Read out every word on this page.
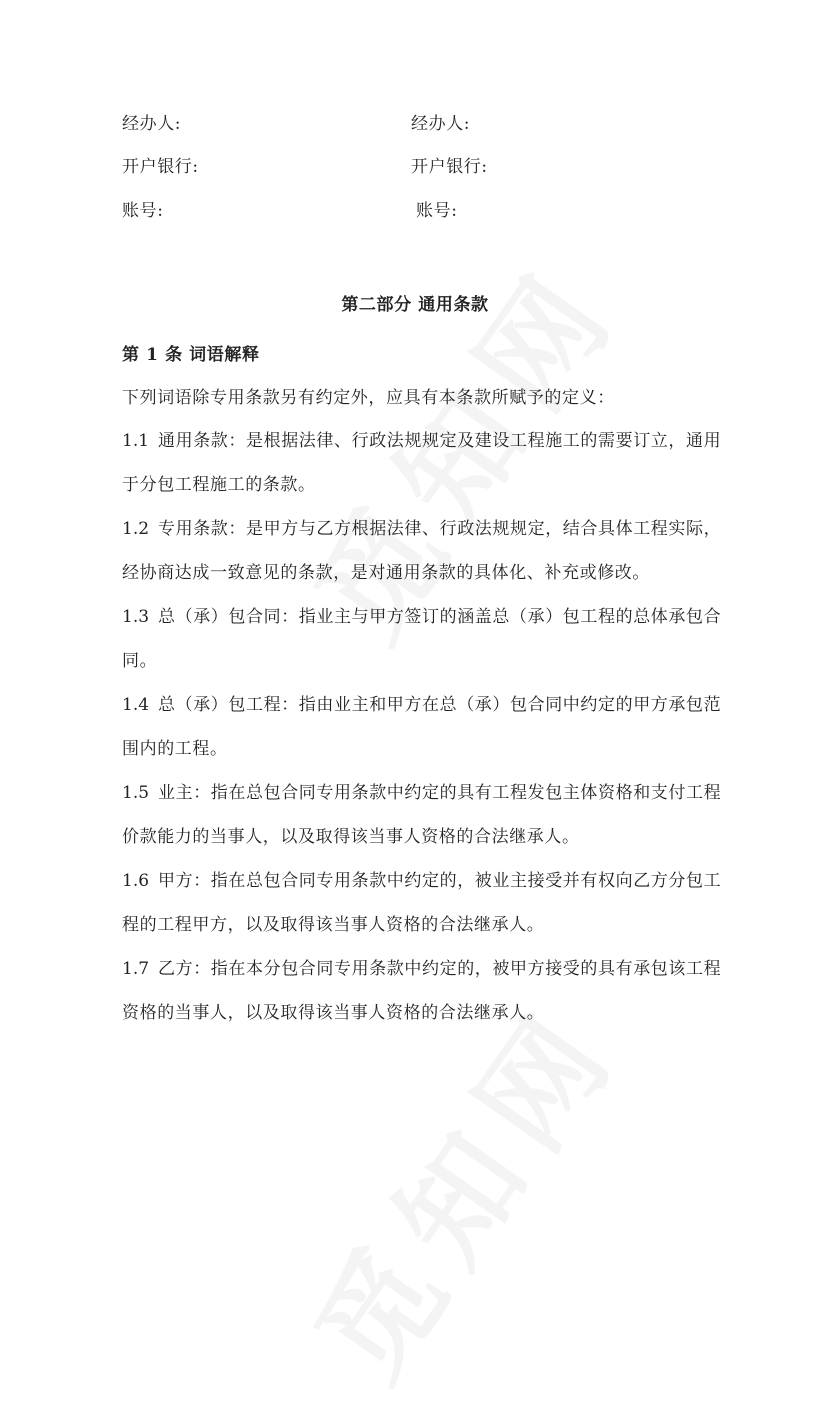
经办人:	经办人:
开户银行:	开户银行:
账号:	账号:
第二部分 通用条款
第 1 条 词语解释
下列词语除专用条款另有约定外，应具有本条款所赋予的定义：
1.1 通用条款：是根据法律、行政法规规定及建设工程施工的需要订立，通用
于分包工程施工的条款。
1.2 专用条款：是甲方与乙方根据法律、行政法规规定，结合具体工程实际，
经协商达成一致意见的条款，是对通用条款的具体化、补充或修改。
1.3 总（承）包合同：指业主与甲方签订的涵盖总（承）包工程的总体承包合
同。
1.4 总（承）包工程：指由业主和甲方在总（承）包合同中约定的甲方承包范
围内的工程。
1.5 业主：指在总包合同专用条款中约定的具有工程发包主体资格和支付工程
价款能力的当事人，以及取得该当事人资格的合法继承人。
1.6 甲方：指在总包合同专用条款中约定的，被业主接受并有权向乙方分包工
程的工程甲方，以及取得该当事人资格的合法继承人。
1.7 乙方：指在本分包合同专用条款中约定的，被甲方接受的具有承包该工程
资格的当事人，以及取得该当事人资格的合法继承人。
